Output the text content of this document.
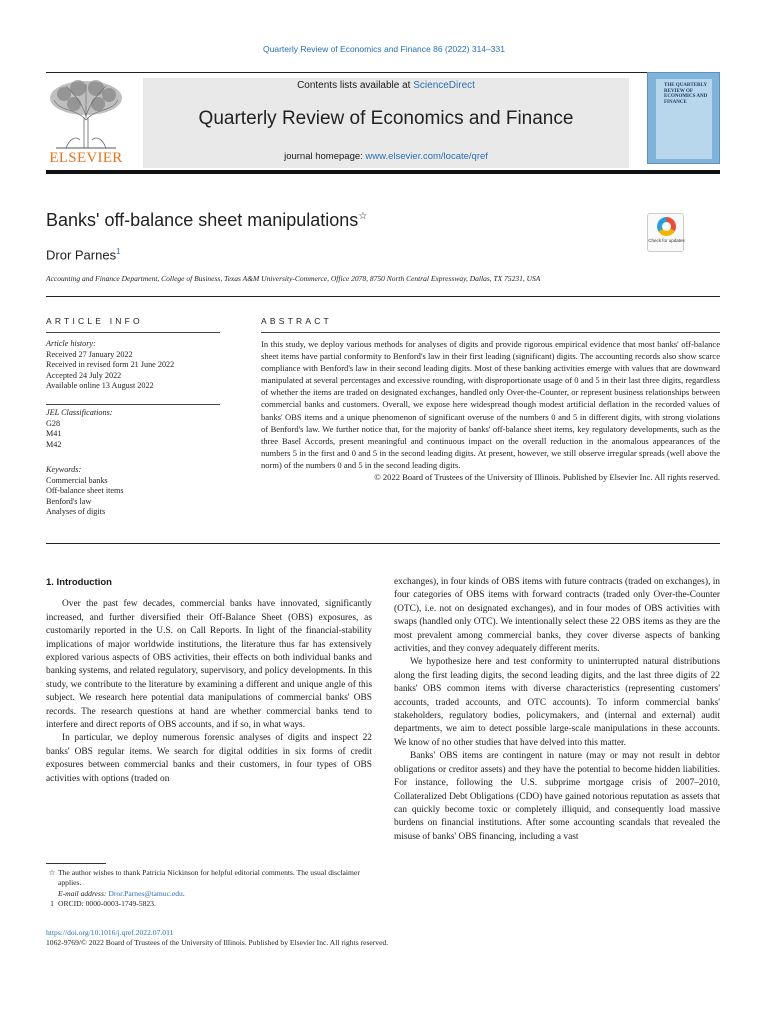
Quarterly Review of Economics and Finance 86 (2022) 314–331
ELSEVIER
Contents lists available at ScienceDirect
Quarterly Review of Economics and Finance
journal homepage: www.elsevier.com/locate/qref
THE QUARTERLY REVIEW OF ECONOMICS AND FINANCE
Banks' off-balance sheet manipulations☆
Check for updates
Dror Parnes$^1$
Accounting and Finance Department, College of Business, Texas A&M University-Commerce, Office 2078, 8750 North Central Expressway, Dallas, TX 75231, USA
ARTICLE INFO
Article history:
Received 27 January 2022
Received in revised form 21 June 2022
Accepted 24 July 2022
Available online 13 August 2022
JEL Classifications:
G28
M41
M42
Keywords:
Commercial banks
Off-balance sheet items
Benford's law
Analyses of digits
ABSTRACT
In this study, we deploy various methods for analyses of digits and provide rigorous empirical evidence that most banks' off-balance sheet items have partial conformity to Benford's law in their first leading (significant) digits. The accounting records also show scarce compliance with Benford's law in their second leading digits. Most of these banking activities emerge with values that are downward manipulated at several percentages and excessive rounding, with disproportionate usage of 0 and 5 in their last three digits, regardless of whether the items are traded on designated exchanges, handled only Over-the-Counter, or represent business relationships between commercial banks and customers. Overall, we expose here widespread though modest artificial deflation in the recorded values of banks' OBS items and a unique phenomenon of significant overuse of the numbers 0 and 5 in different digits, with strong violations of Benford's law. We further notice that, for the majority of banks' off-balance sheet items, key regulatory developments, such as the three Basel Accords, present meaningful and continuous impact on the overall reduction in the anomalous appearances of the numbers 5 in the first and 0 and 5 in the second leading digits. At present, however, we still observe irregular spreads (well above the norm) of the numbers 0 and 5 in the second leading digits.
© 2022 Board of Trustees of the University of Illinois. Published by Elsevier Inc. All rights reserved.
1. Introduction

Over the past few decades, commercial banks have innovated, significantly increased, and further diversified their Off-Balance Sheet (OBS) exposures, as customarily reported in the U.S. on Call Reports. In light of the financial-stability implications of major worldwide institutions, the literature thus far has extensively explored various aspects of OBS activities, their effects on both individual banks and banking systems, and related regulatory, supervisory, and policy developments. In this study, we contribute to the literature by examining a different and unique angle of this subject. We research here potential data manipulations of commercial banks' OBS records. The research questions at hand are whether commercial banks tend to interfere and direct reports of OBS accounts, and if so, in what ways.

In particular, we deploy numerous forensic analyses of digits and inspect 22 banks' OBS regular items. We search for digital oddities in six forms of credit exposures between commercial banks and their customers, in four types of OBS activities with options (traded on

exchanges), in four kinds of OBS items with future contracts (traded on exchanges), in four categories of OBS items with forward contracts (traded only Over-the-Counter (OTC), i.e. not on designated exchanges), and in four modes of OBS activities with swaps (handled only OTC). We intentionally select these 22 OBS items as they are the most prevalent among commercial banks, they cover diverse aspects of banking activities, and they convey adequately different merits.

We hypothesize here and test conformity to uninterrupted natural distributions along the first leading digits, the second leading digits, and the last three digits of 22 banks' OBS common items with diverse characteristics (representing customers' accounts, traded accounts, and OTC accounts). To inform commercial banks' stakeholders, regulatory bodies, policymakers, and (internal and external) audit departments, we aim to detect possible large-scale manipulations in these accounts. We know of no other studies that have delved into this matter.

Banks' OBS items are contingent in nature (may or may not result in debtor obligations or creditor assets) and they have the potential to become hidden liabilities. For instance, following the U.S. subprime mortgage crisis of 2007–2010, Collateralized Debt Obligations (CDO) have gained notorious reputation as assets that can quickly become toxic or completely illiquid, and consequently load massive burdens on financial institutions. After some accounting scandals that revealed the misuse of banks' OBS financing, including a vast

☆ The author wishes to thank Patricia Nickinson for helpful editorial comments. The usual disclaimer applies.
E-mail address: Dror.Parnes@tamuc.edu.
1 ORCID: 0000-0003-1749-5823.
https://doi.org/10.1016/j.qref.2022.07.011
1062-9769/© 2022 Board of Trustees of the University of Illinois. Published by Elsevier Inc. All rights reserved.
